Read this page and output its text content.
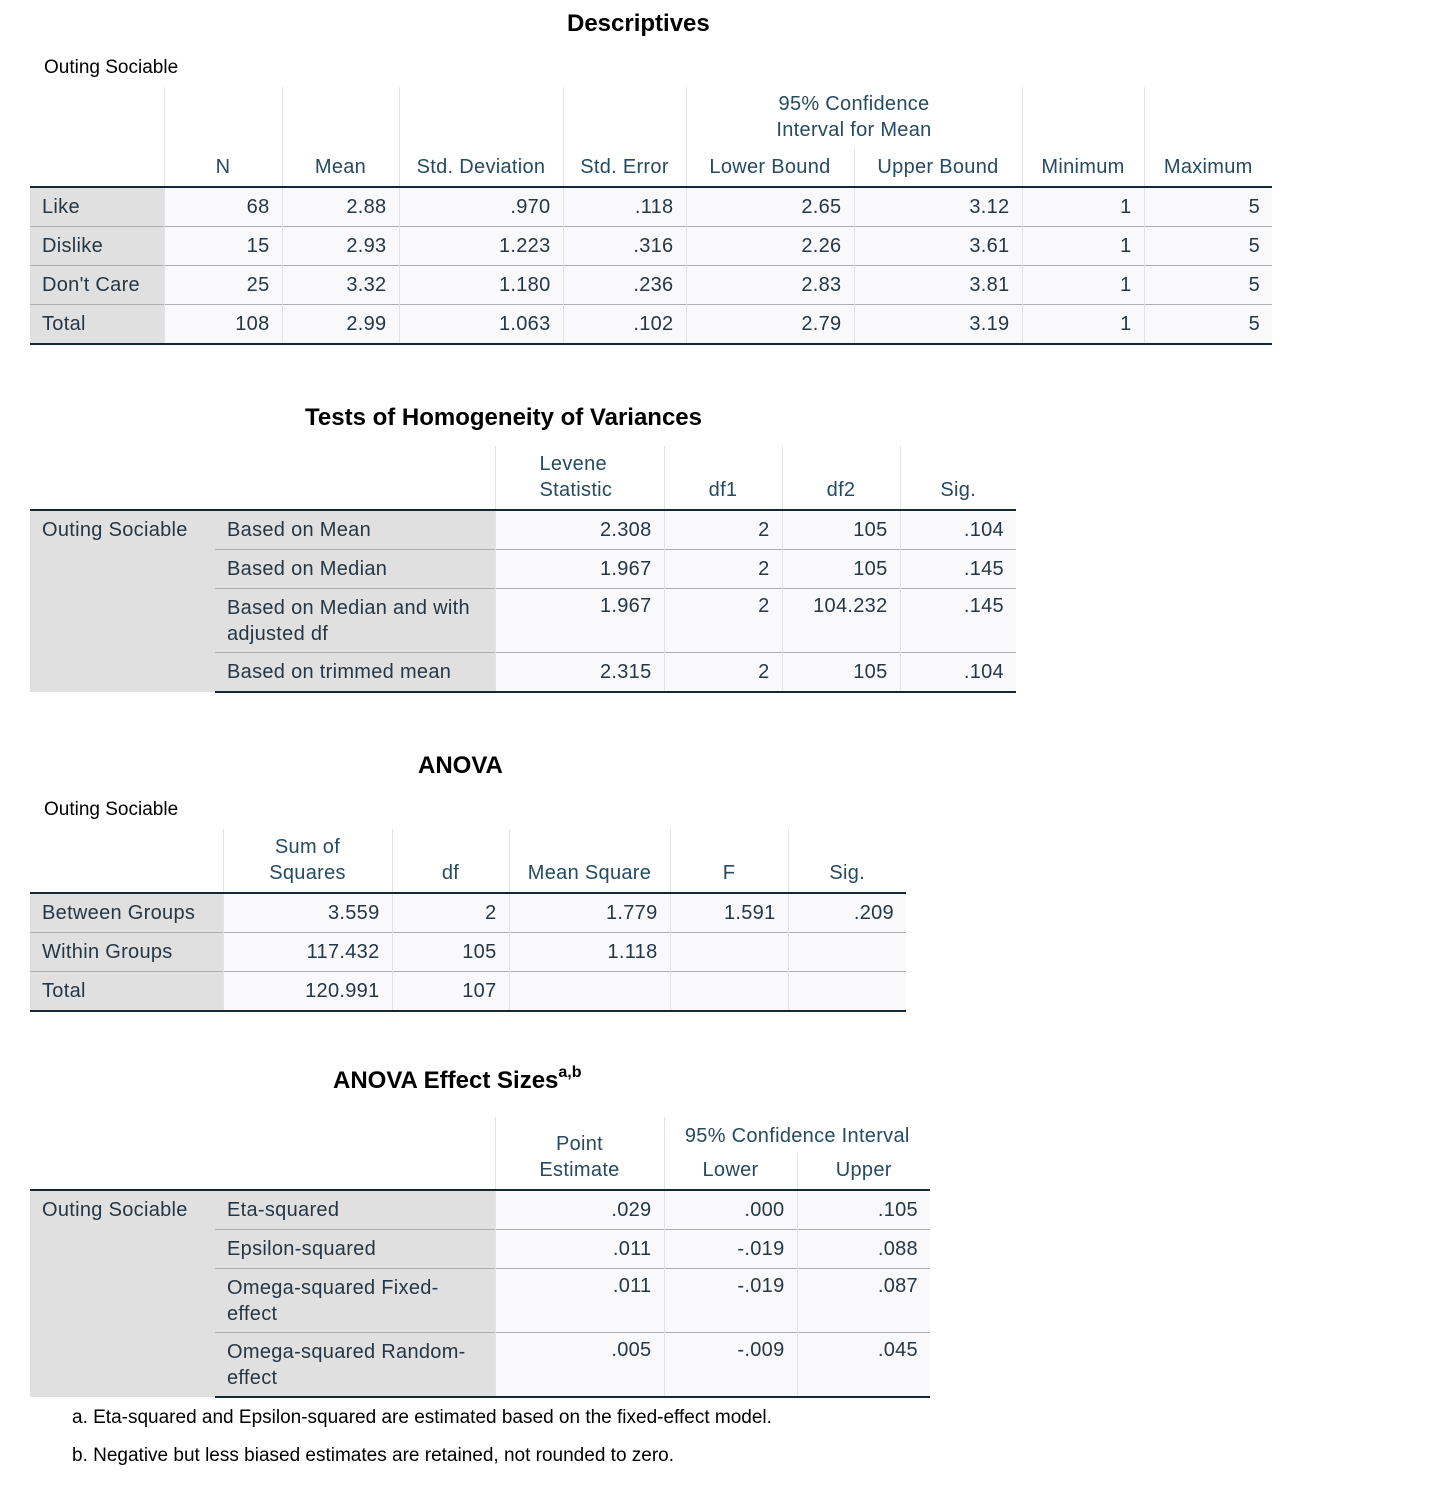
Descriptives
Outing Sociable
	N	Mean	Std. Deviation	Std. Error	95% Confidence Interval for Mean		Minimum	Maximum
					Lower Bound	Upper Bound		
Like	68	2.88	.970	.118	2.65	3.12	1	5
Dislike	15	2.93	1.223	.316	2.26	3.61	1	5
Don't Care	25	3.32	1.180	.236	2.83	3.81	1	5
Total	108	2.99	1.063	.102	2.79	3.19	1	5
Tests of Homogeneity of Variances
		Levene Statistic	df1	df2	Sig.
Outing Sociable	Based on Mean	2.308	2	105	.104
	Based on Median	1.967	2	105	.145
	Based on Median and with adjusted df	1.967	2	104.232	.145
	Based on trimmed mean	2.315	2	105	.104
ANOVA
Outing Sociable
	Sum of Squares	df	Mean Square	F	Sig.
Between Groups	3.559	2	1.779	1.591	.209
Within Groups	117.432	105	1.118		
Total	120.991	107			
ANOVA Effect Sizes$^{a,b}$
		Point Estimate	95% Confidence Interval	
			Lower	Upper
Outing Sociable	Eta-squared	.029	.000	.105
	Epsilon-squared	.011	-.019	.088
	Omega-squared Fixed-effect	.011	-.019	.087
	Omega-squared Random-effect	.005	-.009	.045
a. Eta-squared and Epsilon-squared are estimated based on the fixed-effect model.
b. Negative but less biased estimates are retained, not rounded to zero.
